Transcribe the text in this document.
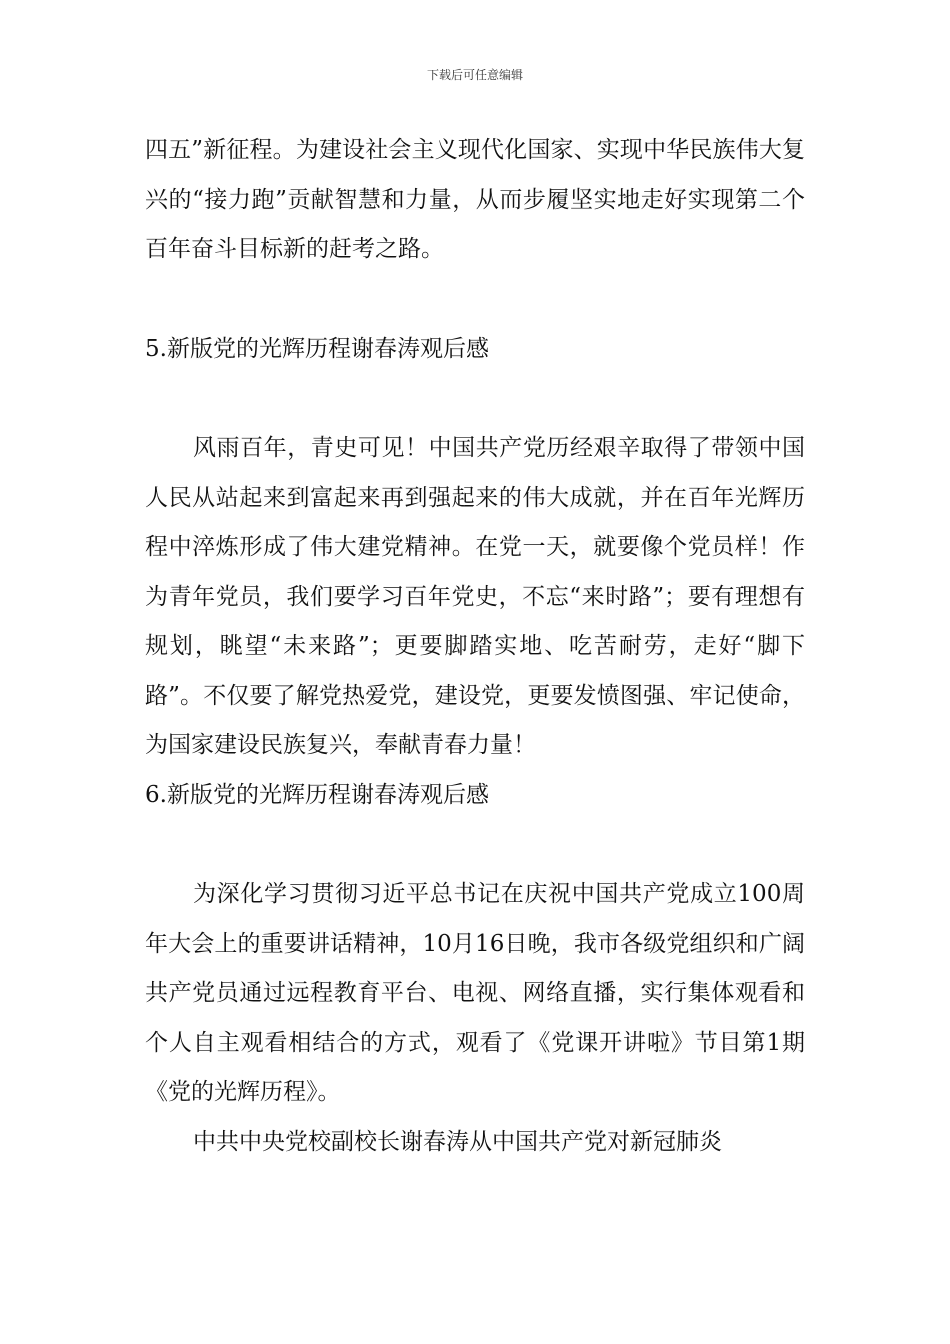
下载后可任意编辑

四五”新征程。为建设社会主义现代化国家、实现中华民族伟大复兴的“接力跑”贡献智慧和力量，从而步履坚实地走好实现第二个百年奋斗目标新的赶考之路。

5.新版党的光辉历程谢春涛观后感

风雨百年，青史可见！中国共产党历经艰辛取得了带领中国人民从站起来到富起来再到强起来的伟大成就，并在百年光辉历程中淬炼形成了伟大建党精神。在党一天，就要像个党员样！作为青年党员，我们要学习百年党史，不忘“来时路”；要有理想有规划，眺望“未来路”；更要脚踏实地、吃苦耐劳，走好“脚下路”。不仅要了解党热爱党，建设党，更要发愤图强、牢记使命，为国家建设民族复兴，奉献青春力量！

6.新版党的光辉历程谢春涛观后感

为深化学习贯彻习近平总书记在庆祝中国共产党成立100周年大会上的重要讲话精神，10月16日晚，我市各级党组织和广阔共产党员通过远程教育平台、电视、网络直播，实行集体观看和个人自主观看相结合的方式，观看了《党课开讲啦》节目第1期《党的光辉历程》。

中共中央党校副校长谢春涛从中国共产党对新冠肺炎
